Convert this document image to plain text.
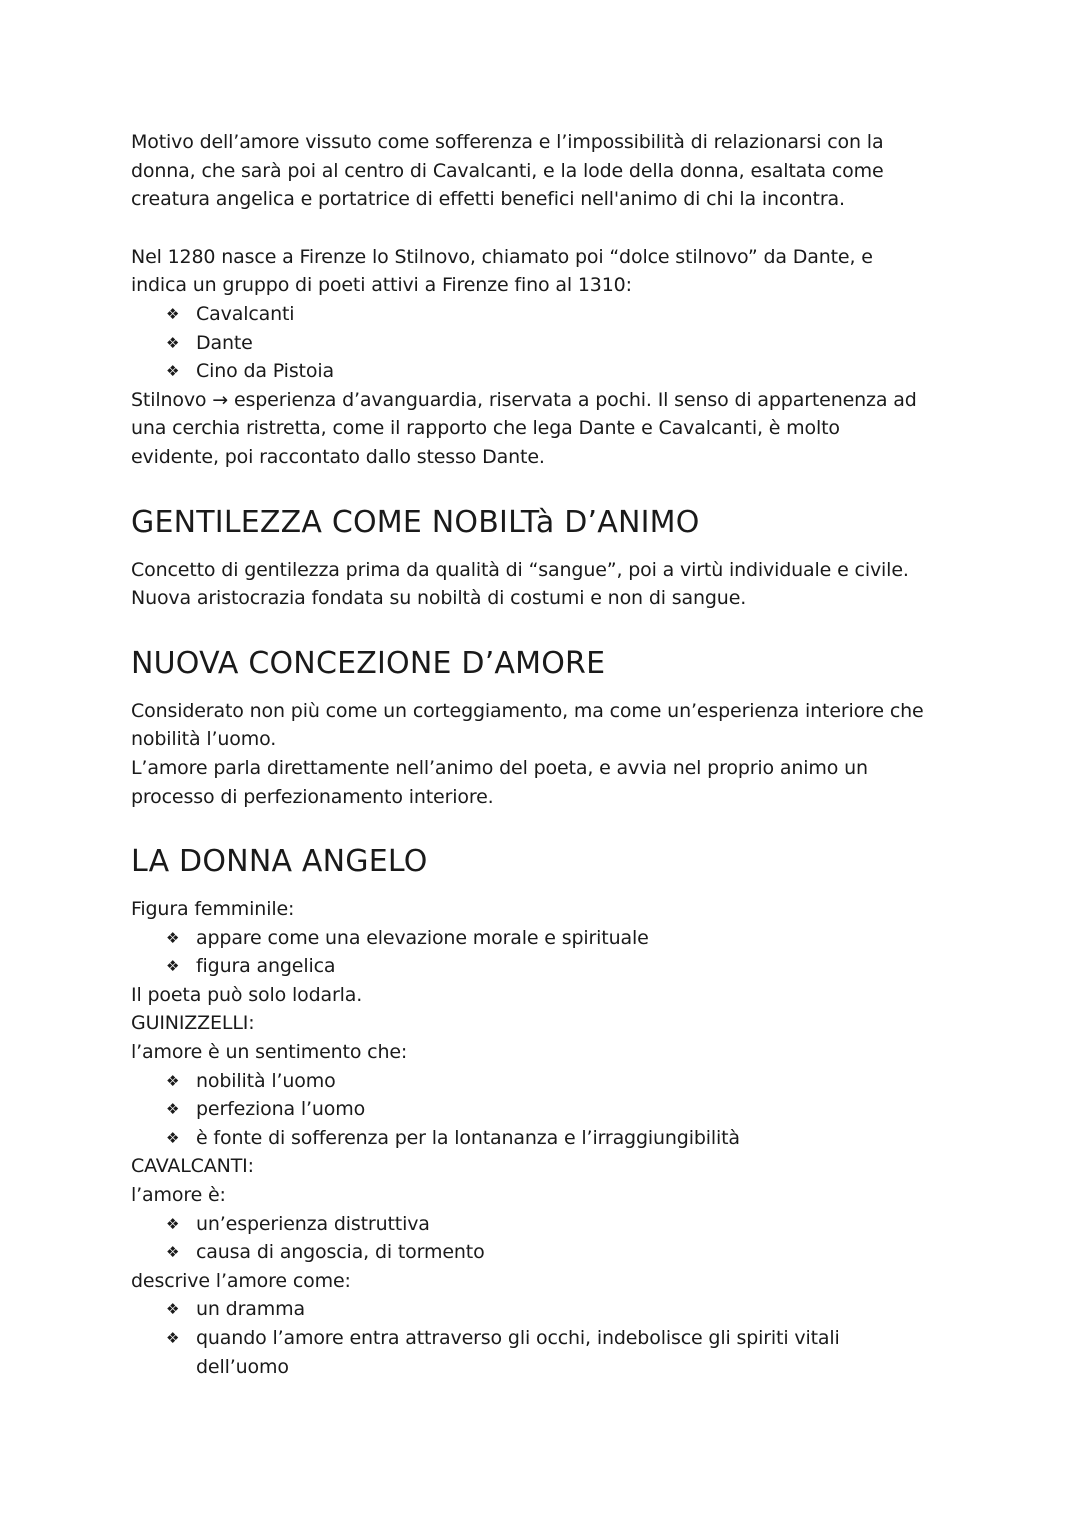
Motivo dell’amore vissuto come sofferenza e l’impossibilità di relazionarsi con la

donna, che sarà poi al centro di Cavalcanti, e la lode della donna, esaltata come

creatura angelica e portatrice di effetti benefici nell'animo di chi la incontra.

Nel 1280 nasce a Firenze lo Stilnovo, chiamato poi “dolce stilnovo” da Dante, e

indica un gruppo di poeti attivi a Firenze fino al 1310:

❖ Cavalcanti
❖ Dante
❖ Cino da Pistoia

Stilnovo → esperienza d’avanguardia, riservata a pochi. Il senso di appartenenza ad

una cerchia ristretta, come il rapporto che lega Dante e Cavalcanti, è molto

evidente, poi raccontato dallo stesso Dante.

GENTILEZZA COME NOBILTà D’ANIMO

Concetto di gentilezza prima da qualità di “sangue”, poi a virtù individuale e civile.

Nuova aristocrazia fondata su nobiltà di costumi e non di sangue.

NUOVA CONCEZIONE D’AMORE

Considerato non più come un corteggiamento, ma come un’esperienza interiore che

nobilità l’uomo.

L’amore parla direttamente nell’animo del poeta, e avvia nel proprio animo un

processo di perfezionamento interiore.

LA DONNA ANGELO

Figura femminile:

❖ appare come una elevazione morale e spirituale
❖ figura angelica

Il poeta può solo lodarla.

GUINIZZELLI:

l’amore è un sentimento che:

❖ nobilità l’uomo
❖ perfeziona l’uomo
❖ è fonte di sofferenza per la lontananza e l’irraggiungibilità

CAVALCANTI:

l’amore è:

❖ un’esperienza distruttiva
❖ causa di angoscia, di tormento

descrive l’amore come:

❖ un dramma
❖ quando l’amore entra attraverso gli occhi, indebolisce gli spiriti vitali
dell’uomo
